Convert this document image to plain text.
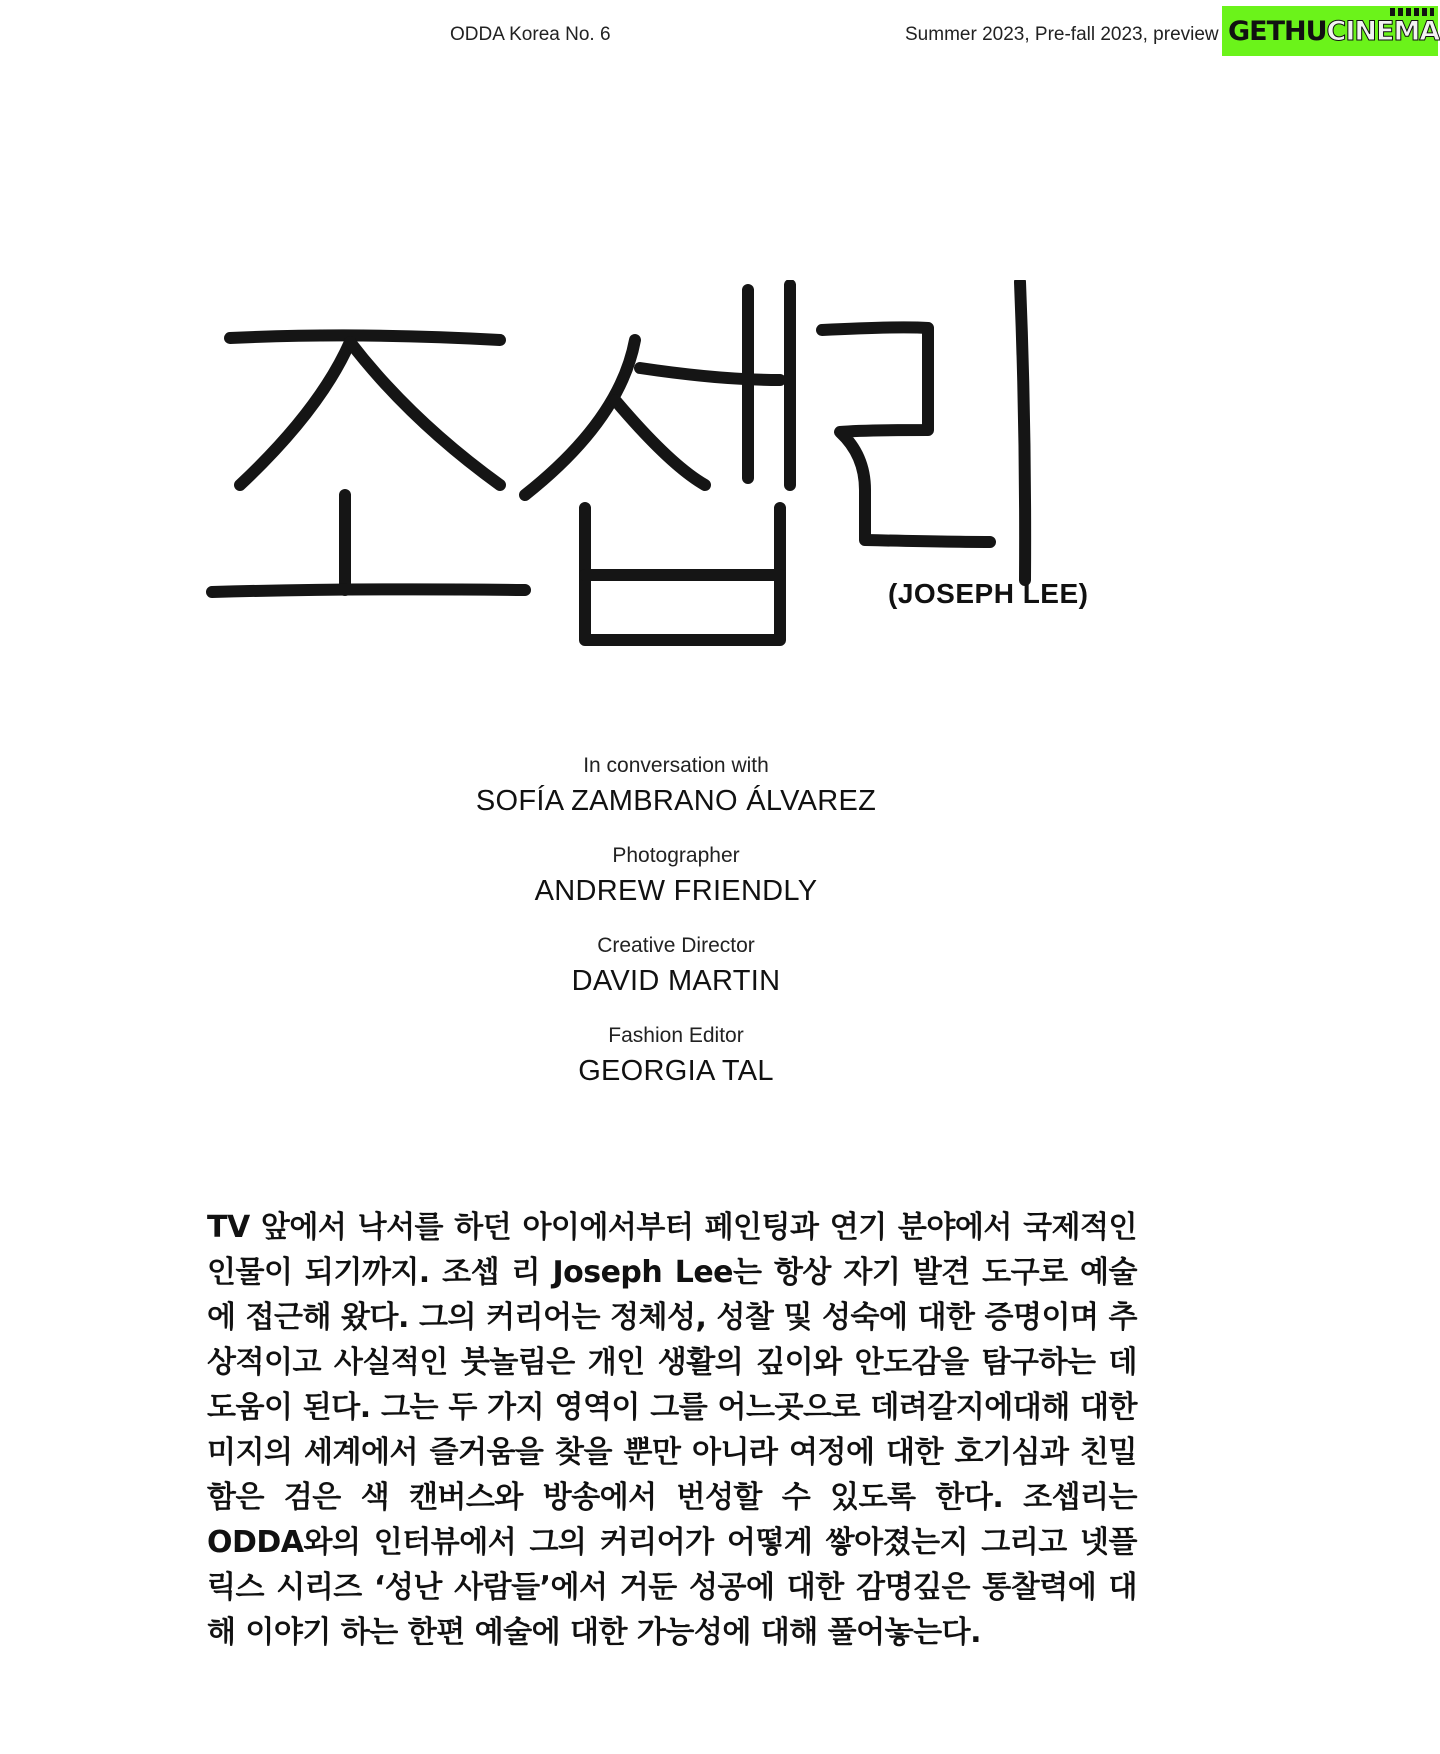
ODDA Korea No. 6	Summer 2023, Pre-fall 2023, preview GETHU CINEMA
(JOSEPH LEE)
In conversation with
SOFÍA ZAMBRANO ÁLVAREZ
Photographer
ANDREW FRIENDLY
Creative Director
DAVID MARTIN
Fashion Editor
GEORGIA TAL
TV 앞에서 낙서를 하던 아이에서부터 페인팅과 연기 분야에서 국제적인 인물이 되기까지. 조셉 리 Joseph Lee는 항상 자기 발견 도구로 예술에 접근해 왔다. 그의 커리어는 정체성, 성찰 및 성숙에 대한 증명이며 추상적이고 사실적인 붓놀림은 개인 생활의 깊이와 안도감을 탐구하는 데 도움이 된다. 그는 두 가지 영역이 그를 어느곳으로 데려갈지에대해 대한 미지의 세계에서 즐거움을 찾을 뿐만 아니라 여정에 대한 호기심과 친밀함은 검은 색 캔버스와 방송에서 번성할 수 있도록 한다. 조셉리는 ODDA와의 인터뷰에서 그의 커리어가 어떻게 쌓아졌는지 그리고 넷플릭스 시리즈 ‘성난 사람들’에서 거둔 성공에 대한 감명깊은 통찰력에 대해 이야기 하는 한편 예술에 대한 가능성에 대해 풀어놓는다.
